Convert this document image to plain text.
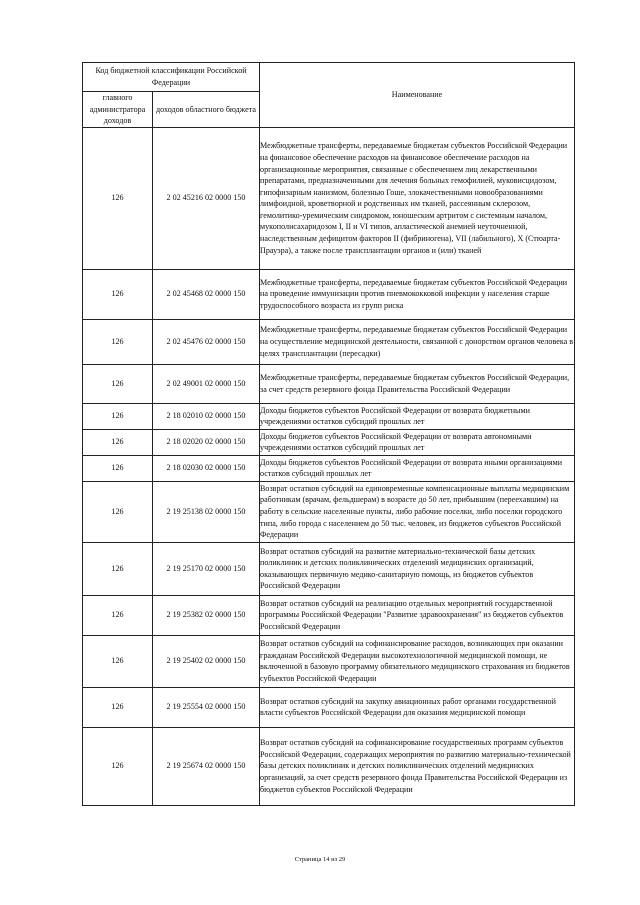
Код бюджетной классификации Российской Федерации		Наименование
главного администратора доходов	доходов областного бюджета	
126	2 02 45216 02 0000 150	Межбюджетные трансферты, передаваемые бюджетам субъектов Российской Федерации на финансовое обеспечение расходов на финансовое обеспечение расходов на организационные мероприятия, связанные с обеспечением лиц лекарственными препаратами, предназначенными для лечения больных гемофилией, муковисцидозом, гипофизарным нанизмом, болезнью Гоше, злокачественными новообразованиями лимфоидной, кроветворной и родственных им тканей, рассеянным склерозом, гемолитико-уремическим синдромом, юношеским артритом с системным началом, мукополисахаридозом I, II и VI типов, апластической анемией неуточненной, наследственным дефицитом факторов II (фибриногена), VII (лабильного), X (Стюарта-Прауэра), а также после трансплантации органов и (или) тканей
126	2 02 45468 02 0000 150	Межбюджетные трансферты, передаваемые бюджетам субъектов Российской Федерации на проведение иммунизации против пневмококковой инфекции у населения старше трудоспособного возраста из групп риска
126	2 02 45476 02 0000 150	Межбюджетные трансферты, передаваемые бюджетам субъектов Российской Федерации на осуществление медицинской деятельности, связанной с донорством органов человека в целях трансплантации (пересадки)
126	2 02 49001 02 0000 150	Межбюджетные трансферты, передаваемые бюджетам субъектов Российской Федерации, за счет средств резервного фонда Правительства Российской Федерации
126	2 18 02010 02 0000 150	Доходы бюджетов субъектов Российской Федерации от возврата бюджетными учреждениями остатков субсидий прошлых лет
126	2 18 02020 02 0000 150	Доходы бюджетов субъектов Российской Федерации от возврата автономными учреждениями остатков субсидий прошлых лет
126	2 18 02030 02 0000 150	Доходы бюджетов субъектов Российской Федерации от возврата иными организациями остатков субсидий прошлых лет
126	2 19 25138 02 0000 150	Возврат остатков субсидий на единовременные компенсационные выплаты медицинским работникам (врачам, фельдшерам) в возрасте до 50 лет, прибывшим (переехавшим) на работу в сельские населенные пункты, либо рабочие поселки, либо поселки городского типа, либо города с населением до 50 тыс. человек, из бюджетов субъектов Российской Федерации
126	2 19 25170 02 0000 150	Возврат остатков субсидий на развитие материально-технической базы детских поликлиник и детских поликлинических отделений медицинских организаций, оказывающих первичную медико-санитарную помощь, из бюджетов субъектов Российской Федерации
126	2 19 25382 02 0000 150	Возврат остатков субсидий на реализацию отдельных мероприятий государственной программы Российской Федерации "Развитие здравоохранения" из бюджетов субъектов Российской Федерации
126	2 19 25402 02 0000 150	Возврат остатков субсидий на софинансирование расходов, возникающих при оказании гражданам Российской Федерации высокотехнологичной медицинской помощи, не включенной в базовую программу обязательного медицинского страхования из бюджетов субъектов Российской Федерации
126	2 19 25554 02 0000 150	Возврат остатков субсидий на закупку авиационных работ органами государственной власти субъектов Российской Федерации для оказания медицинской помощи
126	2 19 25674 02 0000 150	Возврат остатков субсидий на софинансирование государственных программ субъектов Российской Федерации, содержащих мероприятия по развитию материально-технической базы детских поликлиник и детских поликлинических отделений медицинских организаций, за счет средств резервного фонда Правительства Российской Федерации из бюджетов субъектов Российской Федерации
Страница 14 из 29
